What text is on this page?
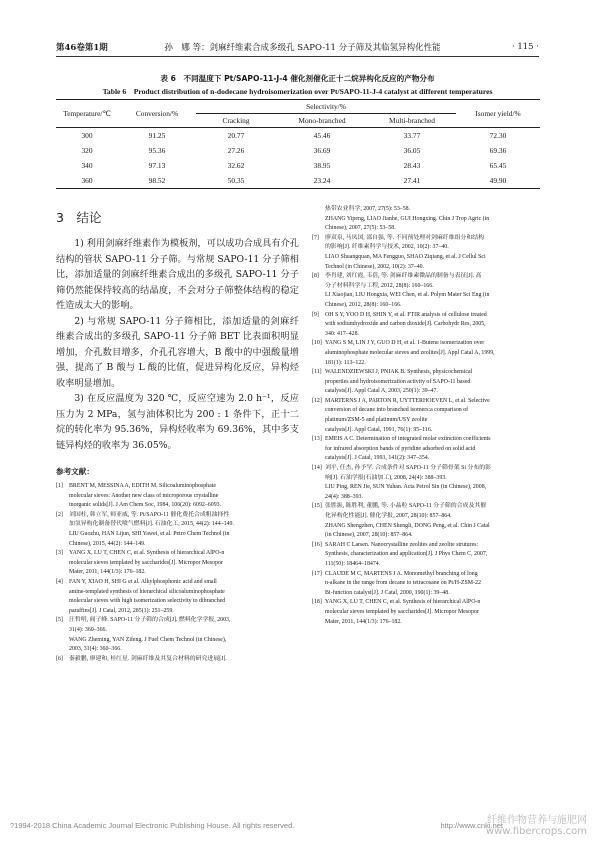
第46卷第1期	孙　娜 等：剑麻纤维素合成多级孔 SAPO-11 分子筛及其临氢异构化性能	· 115 ·
表 6　不同温度下 Pt/SAPO-11-J-4 催化剂催化正十二烷异构化反应的产物分布
Table 6　Product distribution of n-dodecane hydroisomerization over Pt/SAPO-11-J-4 catalyst at different temperatures
Temperature/℃	Conversion/%	Selectivity/%			Isomer yield/%
		Cracking	Mono-branched	Multi-branched	
300	91.25	20.77	45.46	33.77	72.30
320	95.36	27.26	36.69	36.05	69.36
340	97.13	32.62	38.95	28.43	65.45
360	98.52	50.35	23.24	27.41	49.90
3　结论

1) 利用剑麻纤维素作为模板剂，可以成功合成具有介孔结构的管状 SAPO-11 分子筛。与常规 SAPO-11 分子筛相比，添加适量的剑麻纤维素合成出的多级孔 SAPO-11 分子筛仍然能保持较高的结晶度，不会对分子筛整体结构的稳定性造成太大的影响。

2) 与常规 SAPO-11 分子筛相比，添加适量的剑麻纤维素合成出的多级孔 SAPO-11 分子筛 BET 比表面积明显增加，介孔数目增多，介孔孔容增大，B 酸中的中强酸量增强，提高了 B 酸与 L 酸的比值，促进异构化反应，异构烃收率明显增加。

3) 在反应温度为 320 ℃，反应空速为 2.0 h⁻¹，反应压力为 2 MPa，氢与油体积比为 200 : 1 条件下，正十二烷的转化率为 95.36%，异构烃收率为 69.36%，其中多支链异构烃的收率为 36.05%。

参考文献：
[1]	BRENT M, MESSINA A, EDITH M. Silicoaluminophosphate
molecular sieves: Another new class of microporous crystalline
inorganic solids[J]. J Am Chem Soc, 1984, 106(20): 6092–6093.
[2]	刘国柱, 韩立军, 师亚威, 等. Pt/SAPO-11 催化费托合成粗油择性
加氢异构化制备替代喷气燃料[J]. 石油化工, 2015, 44(2): 144–149.
LIU Guozhu, HAN Lijun, SHI Yawei, et al. Petro Chem Technol (in
Chinese), 2015, 44(2): 144–149.
[3]	YANG X, LU T, CHEN C, et al. Synthesis of hierarchical AlPO-n
molecular sieves templated by saccharides[J]. Micropor Mesopor
Mater, 2011, 144(1/3): 176–182.
[4]	FAN Y, XIAO H, SHI G et al. Alkylphosphonic acid and small
amine-templated synthesis of hierarchical silicoaluminophosphate
molecular sieves with high isomerization selectivity to dibranched
paraffins[J]. J Catal, 2012, 285(1): 251–259.
[5]	汪哲明, 阎子峰. SAPO-11 分子筛的合成[J]. 燃料化学学报, 2003,
31(4): 360–366.
WANG Zheming, YAN Zifeng. J Fuel Chem Technol (in Chinese),
2003, 31(4): 360–366.
[6]	秦毅鹏, 廖建和, 桂红星. 剑麻纤维及其复合材料的研究进展[J].
热带农业科学, 2007, 27(5): 53–58.
ZHANG Yipeng, LIAO Jianhe, GUI Hongxing. Chin J Trop Agric (in
Chinese), 2007, 27(5): 53–58.
[7]	廖双泉, 马凤国, 邵自强, 等. 不同预处理对剑麻纤维组分和结构
的影响[J]. 纤维素科学与技术, 2002, 10(2): 37–40.
LIAO Shuangquan, MA Fengguo, SHAO Ziqiang, et al. J Cellul Sci
Technol (in Chinese), 2002, 10(2): 37–40.
[8]	李肖建, 刘红霞, 韦蓓, 等. 剑麻纤维素微晶的制备与表征[J]. 高
分子材料科学与工程, 2012, 28(8): 160–166.
LI Xiaojian, LIU Hongxia, WEI Chen, et al. Polym Mater Sci Eng (in
Chinese), 2012, 28(8): 160–166.
[9]	OH S Y, YOO D H, SHIN Y, et al. FTIR analysis of cellulose treated
with sodiumhydroxide and carbon dioxide[J]. Carbohydr Res, 2005,
340: 417–428.
[10] YANG S M, LIN J Y, GUO D H, et al. 1-Butene isomerization over
aluminophosphate molecular sieves and zeolites[J]. Appl Catal A, 1999,
181(1): 113–122.
[11] WALENDZIEWSKI J, PNIAK B. Synthesis, physicochemical
properties and hydroisomerization activity of SAPO-11 based
catalysts[J]. Appl Catal A, 2003, 250(1): 39–47.
[12] MARTERNS J A, PARTON R, UYTTERHOEVEN L, et al. Selective
conversion of decane into branched isomers:a comparison of
platinum/ZSM-5 and platinum/USY zeolite
catalysts[J]. Appl Catal, 1991, 76(1): 95–116.
[13] EMEIS A C. Determination of integrated molar extinction coefficients
for infrared absorption bands of pyridine adsorbed on solid acid
catalysts[J]. J Catal, 1993, 141(2): 347–354.
[14] 刘平, 任杰, 孙予罕. 合成条件对 SAPO-11 分子筛骨架 Si 分布的影
响[J]. 石油学报(石油加工), 2008, 24(4): 388–393.
LIU Ping, REN Jie, SUN Yuhan. Acta Petrol Sin (in Chinese), 2008,
24(4): 388–393.
[15] 张胜振, 陈胜利, 董鹏, 等. 小晶粒 SAPO-11 分子筛的合成及其催
化异构化性能[J]. 催化学报, 2007, 28(10): 857–864.
ZHANG Shengzhen, CHEN Shengli, DONG Peng, et al. Chin J Catal
(in Chinese), 2007, 28(10): 857–864.
[16] SARAH C Larsen. Nanocrystalline zeolites and zeolite strutures:
Synthesis, characterization and application[J]. J Phys Chem C, 2007,
111(50): 18464–18474.
[17] CLAUDE M C, MARTENS J A. Monomethyl branching of long
n-alkane in the range from decane to tetracosane on Pt/H-ZSM-22
Bi-function catalyst[J]. J Catal, 2000, 190(1): 39–48.
[18] YANG X, LU T, CHEN C, et al. Synthesis of hierarchical AlPO-n
molecular sieves templated by saccharides[J]. Micropor Mesopor
Mater, 2011, 144(1/3): 176–182.
?1994-2018 China Academic Journal Electronic Publishing House. All rights reserved.	http://www.cnki.net
纤维作物营养与施肥网
www.fibercrops.com
